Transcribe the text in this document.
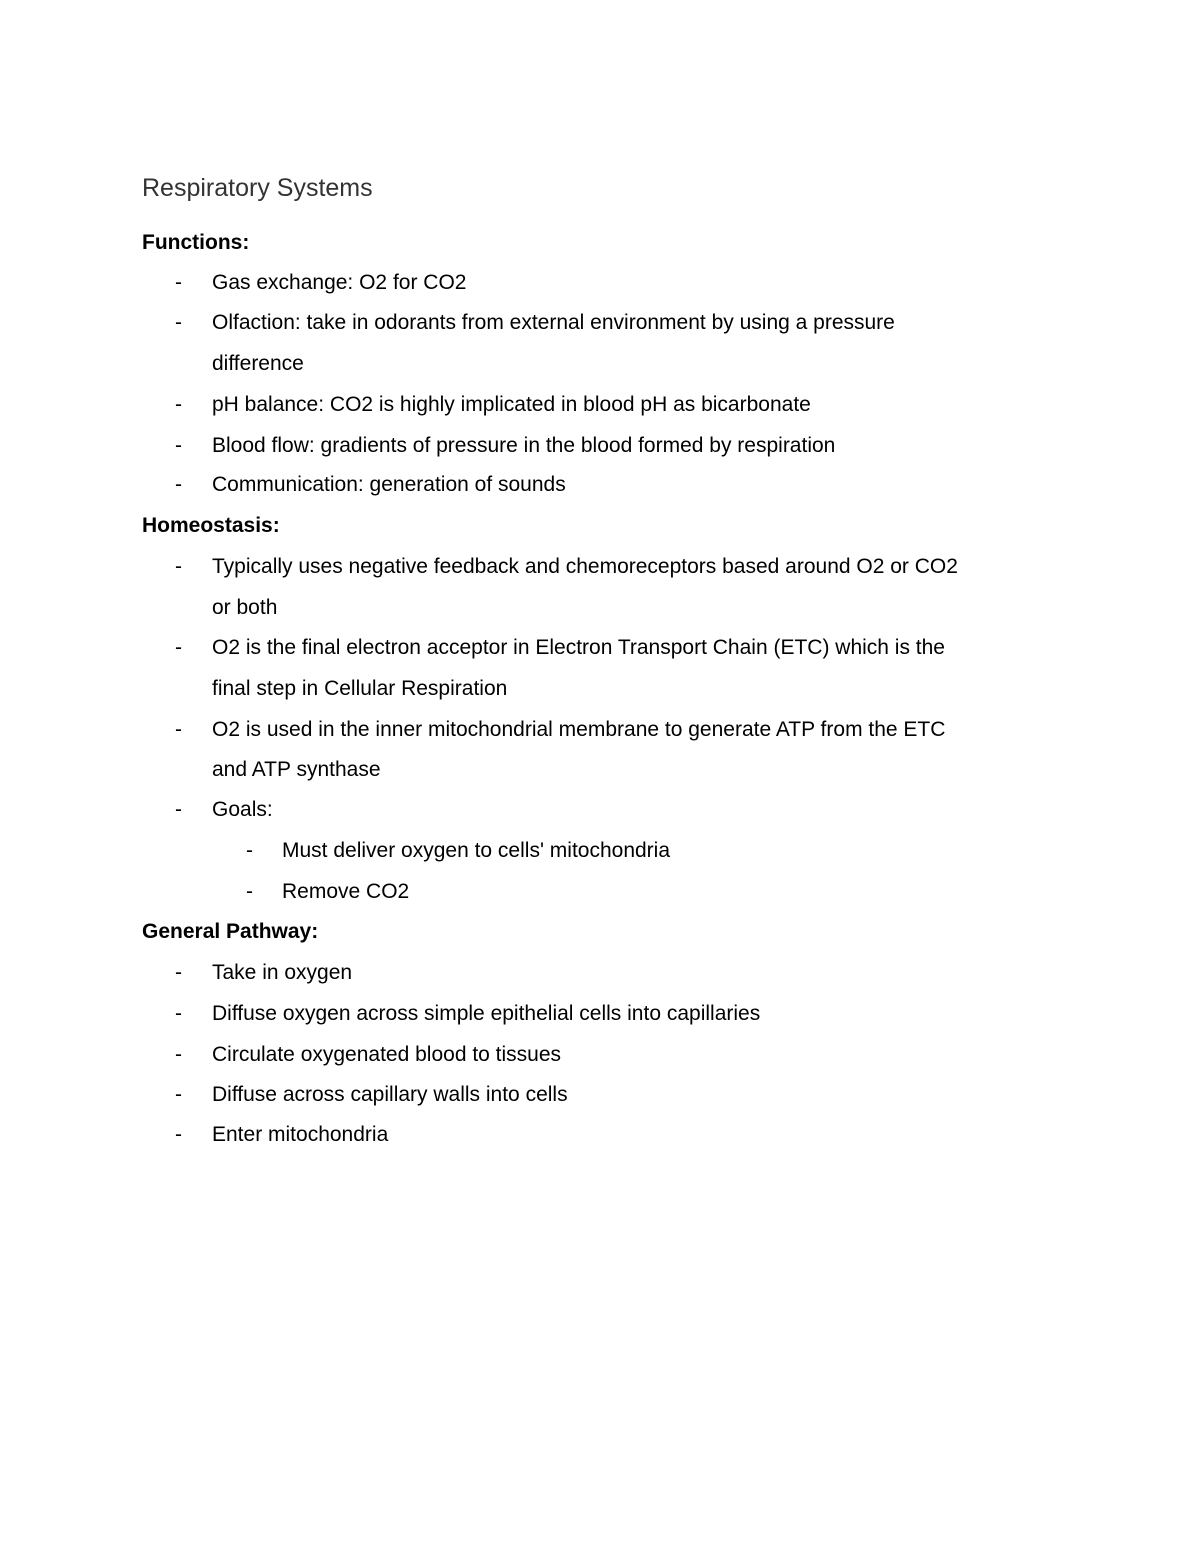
Respiratory Systems
Functions:
- Gas exchange: O2 for CO2
- Olfaction: take in odorants from external environment by using a pressure
difference
- pH balance: CO2 is highly implicated in blood pH as bicarbonate
- Blood flow: gradients of pressure in the blood formed by respiration
- Communication: generation of sounds
Homeostasis:
- Typically uses negative feedback and chemoreceptors based around O2 or CO2
or both
- O2 is the final electron acceptor in Electron Transport Chain (ETC) which is the
final step in Cellular Respiration
- O2 is used in the inner mitochondrial membrane to generate ATP from the ETC
and ATP synthase
- Goals:
- Must deliver oxygen to cells' mitochondria
- Remove CO2
General Pathway:
- Take in oxygen
- Diffuse oxygen across simple epithelial cells into capillaries
- Circulate oxygenated blood to tissues
- Diffuse across capillary walls into cells
- Enter mitochondria
